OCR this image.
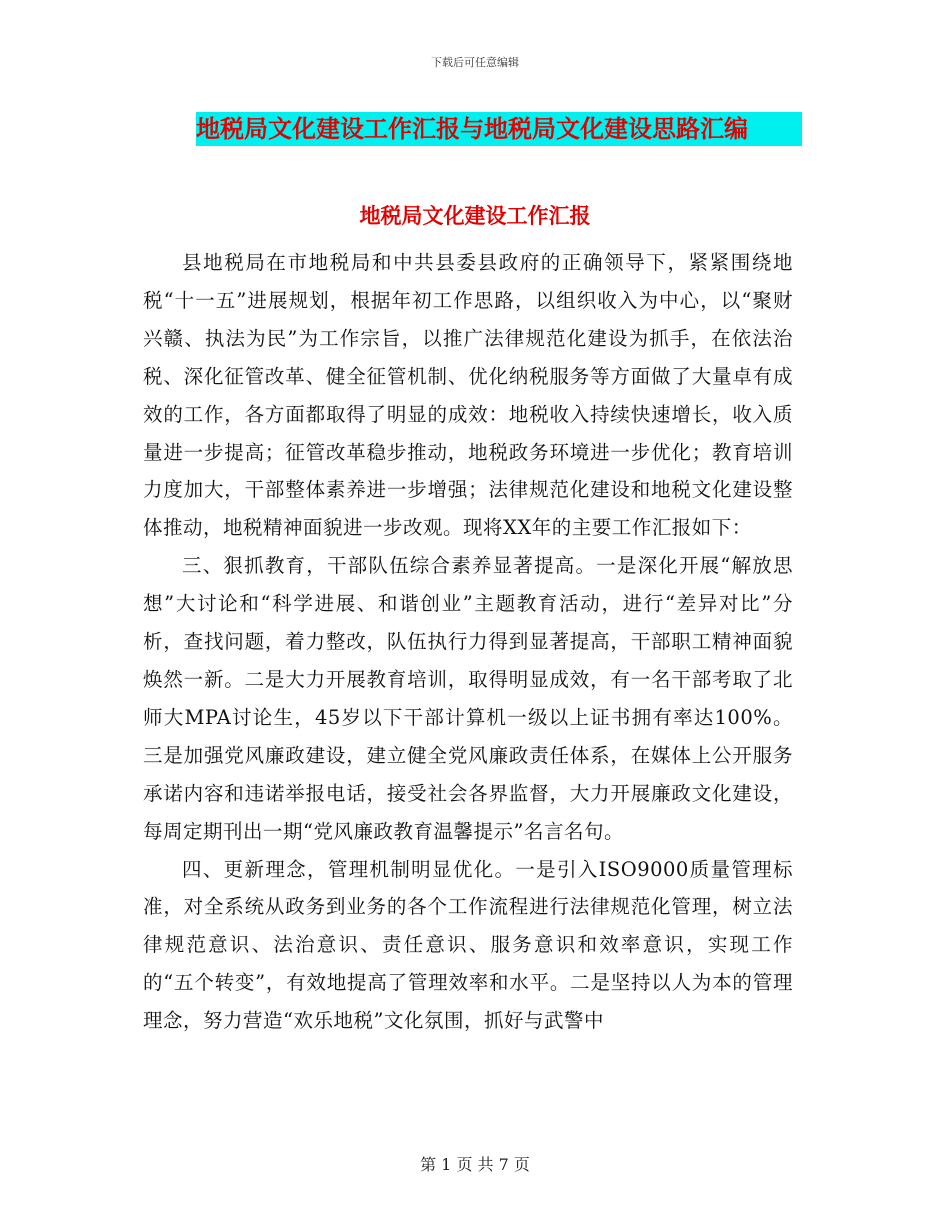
下载后可任意编辑
地税局文化建设工作汇报与地税局文化建设思路汇编
地税局文化建设工作汇报

县地税局在市地税局和中共县委县政府的正确领导下，紧紧围绕地税“十一五”进展规划，根据年初工作思路，以组织收入为中心，以“聚财兴赣、执法为民”为工作宗旨，以推广法律规范化建设为抓手，在依法治税、深化征管改革、健全征管机制、优化纳税服务等方面做了大量卓有成效的工作，各方面都取得了明显的成效：地税收入持续快速增长，收入质量进一步提高；征管改革稳步推动，地税政务环境进一步优化；教育培训力度加大，干部整体素养进一步增强；法律规范化建设和地税文化建设整体推动，地税精神面貌进一步改观。现将XX年的主要工作汇报如下：

三、狠抓教育，干部队伍综合素养显著提高。一是深化开展“解放思想”大讨论和“科学进展、和谐创业”主题教育活动，进行“差异对比”分析，查找问题，着力整改，队伍执行力得到显著提高，干部职工精神面貌焕然一新。二是大力开展教育培训，取得明显成效，有一名干部考取了北师大MPA讨论生，45岁以下干部计算机一级以上证书拥有率达100%。三是加强党风廉政建设，建立健全党风廉政责任体系，在媒体上公开服务承诺内容和违诺举报电话，接受社会各界监督，大力开展廉政文化建设，每周定期刊出一期“党风廉政教育温馨提示”名言名句。

四、更新理念，管理机制明显优化。一是引入ISO9000质量管理标准，对全系统从政务到业务的各个工作流程进行法律规范化管理，树立法律规范意识、法治意识、责任意识、服务意识和效率意识，实现工作的“五个转变”，有效地提高了管理效率和水平。二是坚持以人为本的管理理念，努力营造“欢乐地税”文化氛围，抓好与武警中

第 1 页 共 7 页
